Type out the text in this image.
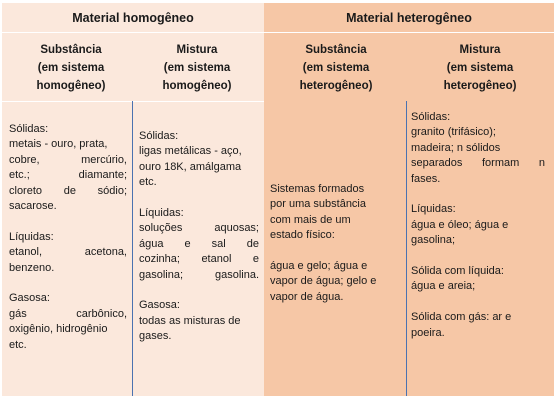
Material homogêneo
Substância
(em sistema
homogêneo)
Mistura
(em sistema
homogêneo)
Sólidas:
metais - ouro, prata,
cobre, mercúrio,
etc.; diamante;
cloreto de sódio;
sacarose.
Líquidas:
etanol, acetona,
benzeno.
Gasosa:
gás carbônico,
oxigênio, hidrogênio
etc.
Sólidas:
ligas metálicas - aço,
ouro 18K, amálgama
etc.
Líquidas:
soluções aquosas;
água e sal de
cozinha; etanol e
gasolina; gasolina.
Gasosa:
todas as misturas de
gases.
Material heterogêneo
Substância
(em sistema
heterogêneo)
Mistura
(em sistema
heterogêneo)
Sistemas formados
por uma substância
com mais de um
estado físico:
água e gelo; água e
vapor de água; gelo e
vapor de água.
Sólidas:
granito (trifásico);
madeira; n sólidos
separados formam n
fases.
Líquidas:
água e óleo; água e
gasolina;
Sólida com líquida:
água e areia;
Sólida com gás: ar e
poeira.
